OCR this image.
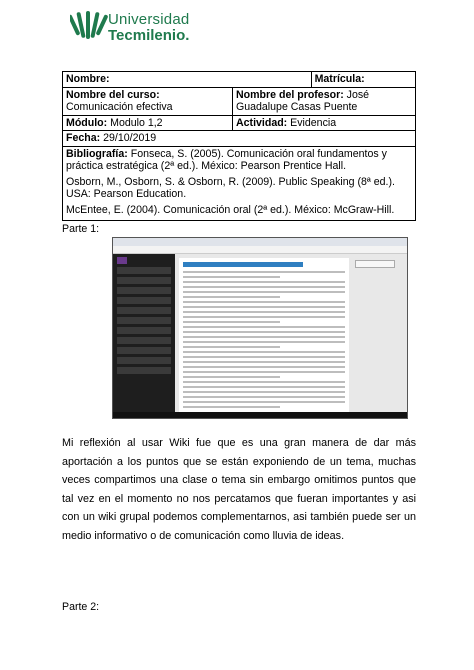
Universidad
Tecmilenio.
Nombre:		Matrícula:
Nombre del curso: Comunicación efectiva	Nombre del profesor: José Guadalupe Casas Puente	
Módulo: Modulo 1,2	Actividad: Evidencia	
Fecha: 29/10/2019		

Bibliografía: Fonseca, S. (2005). Comunicación oral fundamentos y práctica estratégica (2ª ed.). México: Pearson Prentice Hall.

Osborn, M., Osborn, S. & Osborn, R. (2009). Public Speaking (8ª ed.). USA: Pearson Education.

McEntee, E. (2004). Comunicación oral (2ª ed.). México: McGraw-Hill.		

Parte 1:
Mi reflexión al usar Wiki fue que es una gran manera de dar más aportación a los puntos que se están exponiendo de un tema, muchas veces compartimos una clase o tema sin embargo omitimos puntos que tal vez en el momento no nos percatamos que fueran importantes y asi con un wiki grupal podemos complementarnos, asi también puede ser un medio informativo o de comunicación como lluvia de ideas.
Parte 2:
